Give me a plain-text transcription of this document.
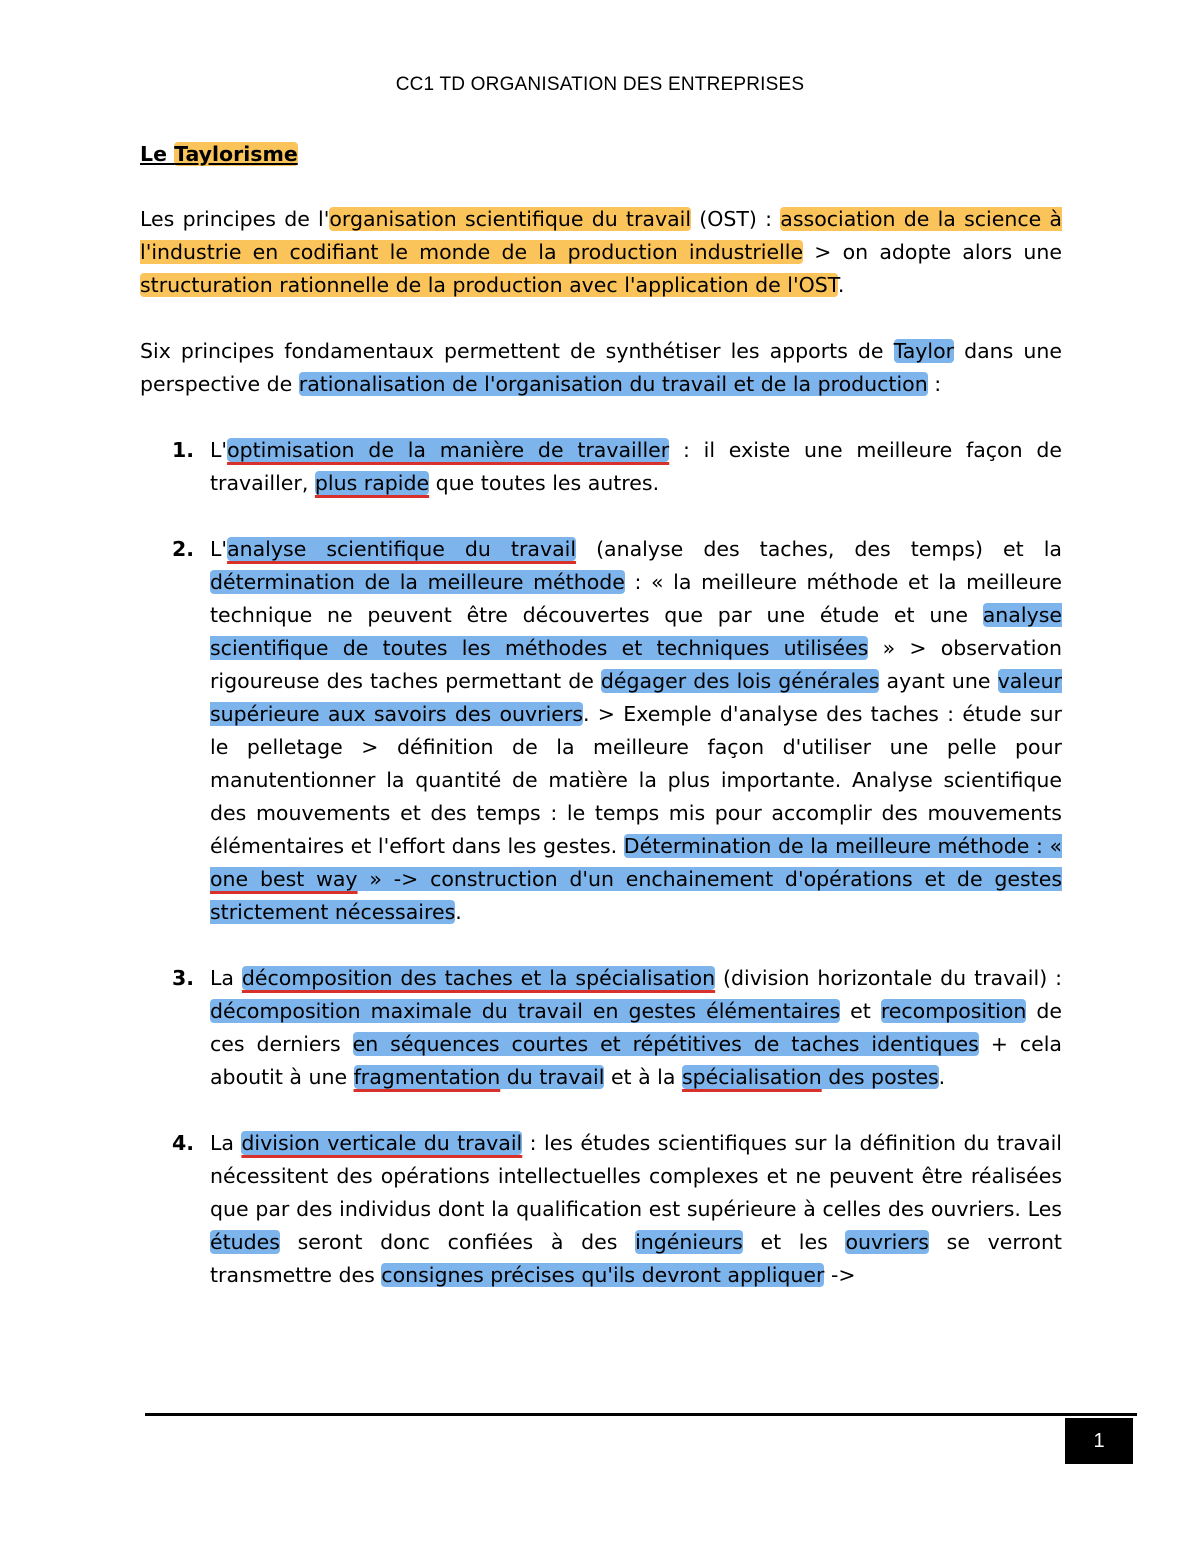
CC1 TD ORGANISATION DES ENTREPRISES
Le Taylorisme

Les principes de l'organisation scientifique du travail (OST) : association de la science à l'industrie en codifiant le monde de la production industrielle > on adopte alors une structuration rationnelle de la production avec l'application de l'OST.

Six principes fondamentaux permettent de synthétiser les apports de Taylor dans une perspective de rationalisation de l'organisation du travail et de la production :

1. L'optimisation de la manière de travailler : il existe une meilleure façon de travailler, plus rapide que toutes les autres.
2. L'analyse scientifique du travail (analyse des taches, des temps) et la détermination de la meilleure méthode : « la meilleure méthode et la meilleure technique ne peuvent être découvertes que par une étude et une analyse scientifique de toutes les méthodes et techniques utilisées » > observation rigoureuse des taches permettant de dégager des lois générales ayant une valeur supérieure aux savoirs des ouvriers. > Exemple d'analyse des taches : étude sur le pelletage > définition de la meilleure façon d'utiliser une pelle pour manutentionner la quantité de matière la plus importante. Analyse scientifique des mouvements et des temps : le temps mis pour accomplir des mouvements élémentaires et l'effort dans les gestes. Détermination de la meilleure méthode : « one best way » -> construction d'un enchainement d'opérations et de gestes strictement nécessaires.
3. La décomposition des taches et la spécialisation (division horizontale du travail) : décomposition maximale du travail en gestes élémentaires et recomposition de ces derniers en séquences courtes et répétitives de taches identiques + cela aboutit à une fragmentation du travail et à la spécialisation des postes.
4. La division verticale du travail : les études scientifiques sur la définition du travail nécessitent des opérations intellectuelles complexes et ne peuvent être réalisées que par des individus dont la qualification est supérieure à celles des ouvriers. Les études seront donc confiées à des ingénieurs et les ouvriers se verront transmettre des consignes précises qu'ils devront appliquer ->
1
